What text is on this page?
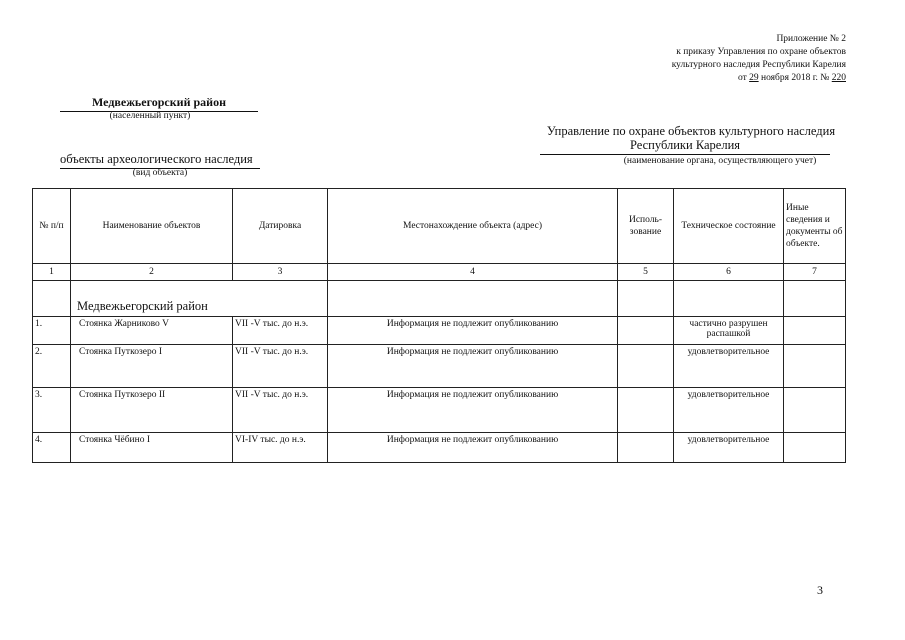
Приложение № 2
к приказу Управления по охране объектов
культурного наследия Республики Карелия
от 29 ноября 2018 г. № 220
Медвежьегорский район
(населенный пункт)
Управление по охране объектов культурного наследия
Республики Карелия
(наименование органа, осуществляющего учет)
объекты археологического наследия
(вид объекта)
№ п/п	Наименование объектов	Датировка	Местонахождение объекта (адрес)	Исполь-зование	Техническое состояние	Иные сведения и документы об объекте.
1	2	3	4	5	6	7
	Медвежьегорский район					
1.	Стоянка Жарниково V	VII -V тыс. до н.э.	Информация не подлежит опубликованию		частично разрушен распашкой	
2.	Стоянка Путкозеро I	VII -V тыс. до н.э.	Информация не подлежит опубликованию		удовлетворительное	
3.	Стоянка Путкозеро II	VII -V тыс. до н.э.	Информация не подлежит опубликованию		удовлетворительное	
4.	Стоянка Чёбино I	VI-IV тыс. до н.э.	Информация не подлежит опубликованию		удовлетворительное	
3
